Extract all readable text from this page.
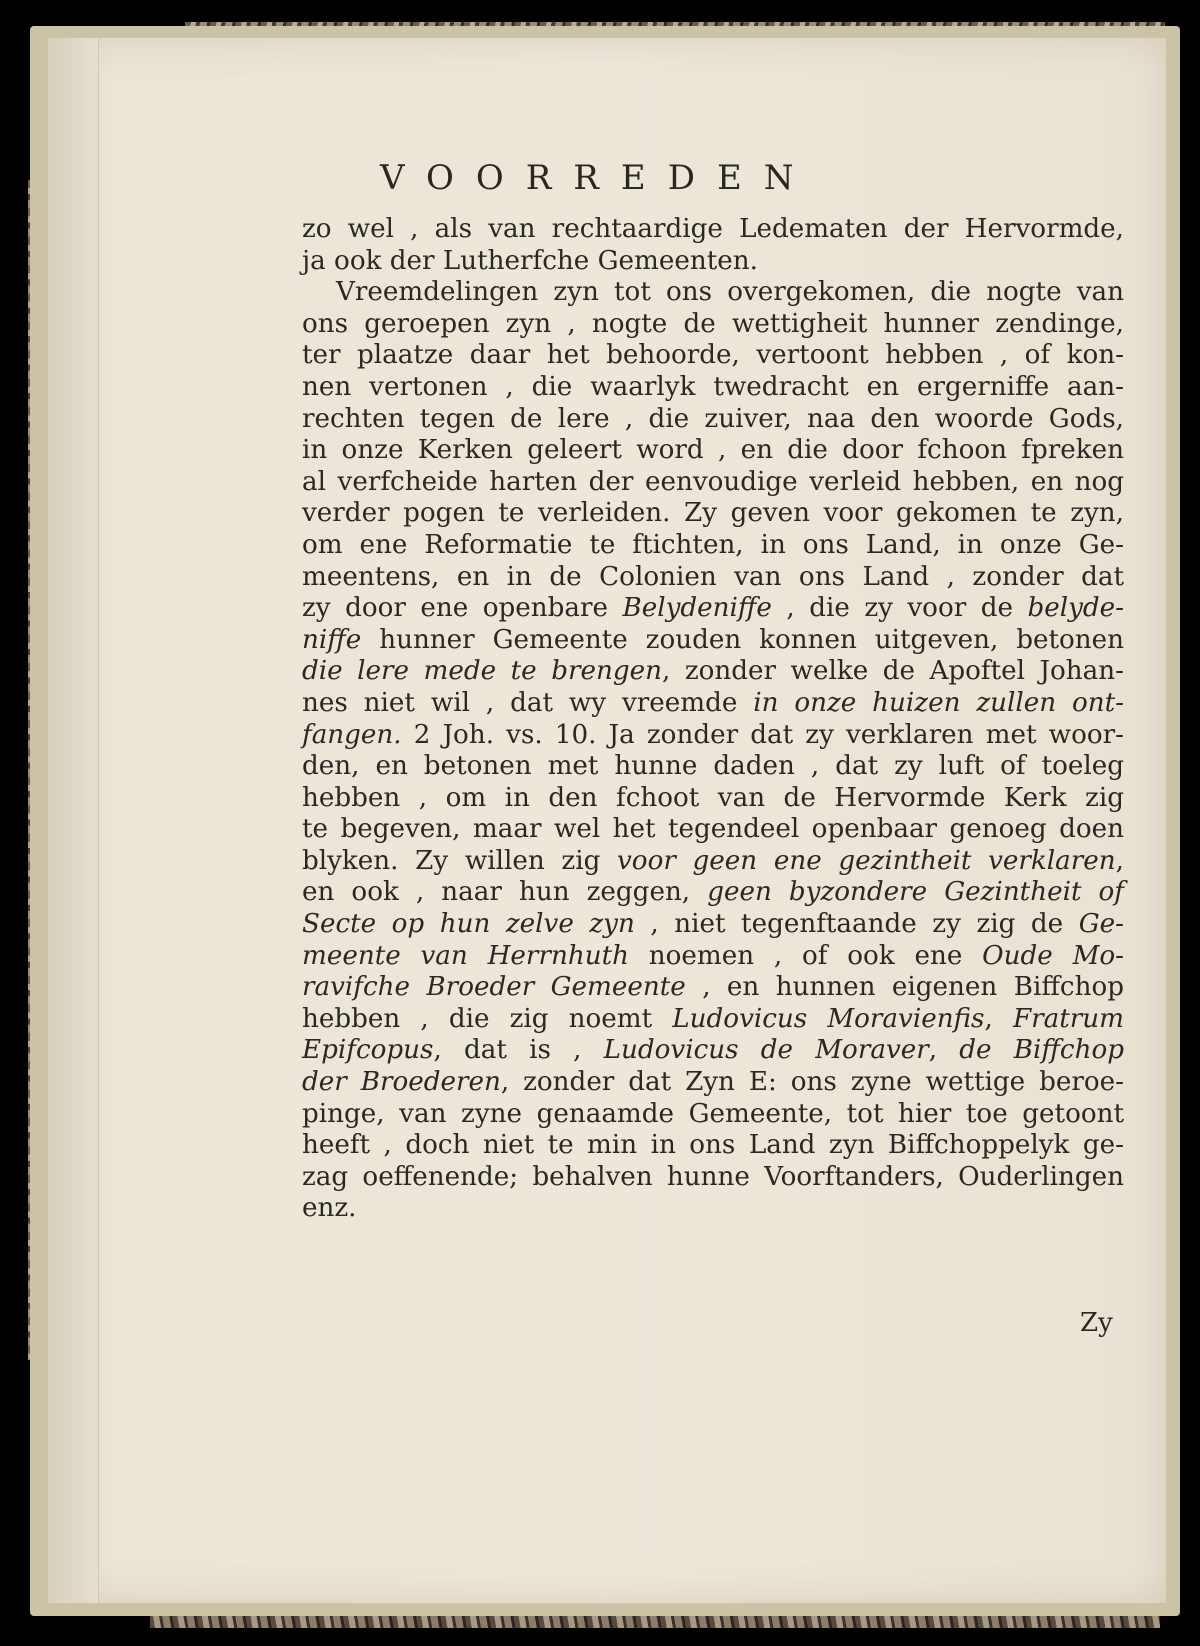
VOORREDEN
zo wel , als van rechtaardige Ledematen der Hervormde,
ja ook der Lutherfche Gemeenten.
Vreemdelingen zyn tot ons overgekomen, die nogte van
ons geroepen zyn , nogte de wettigheit hunner zendinge,
ter plaatze daar het behoorde, vertoont hebben , of kon-
nen vertonen , die waarlyk twedracht en ergerniffe aan-
rechten tegen de lere , die zuiver, naa den woorde Gods,
in onze Kerken geleert word , en die door fchoon fpreken
al verfcheide harten der eenvoudige verleid hebben, en nog
verder pogen te verleiden. Zy geven voor gekomen te zyn,
om ene Reformatie te ftichten, in ons Land, in onze Ge-
meentens, en in de Colonien van ons Land , zonder dat
zy door ene openbare Belydeniffe , die zy voor de belyde-
niffe hunner Gemeente zouden konnen uitgeven, betonen
die lere mede te brengen, zonder welke de Apoftel Johan-
nes niet wil , dat wy vreemde in onze huizen zullen ont-
fangen. 2 Joh. vs. 10. Ja zonder dat zy verklaren met woor-
den, en betonen met hunne daden , dat zy luft of toeleg
hebben , om in den fchoot van de Hervormde Kerk zig
te begeven, maar wel het tegendeel openbaar genoeg doen
blyken. Zy willen zig voor geen ene gezintheit verklaren,
en ook , naar hun zeggen, geen byzondere Gezintheit of
Secte op hun zelve zyn , niet tegenftaande zy zig de Ge-
meente van Herrnhuth noemen , of ook ene Oude Mo-
ravifche Broeder Gemeente , en hunnen eigenen Biffchop
hebben , die zig noemt Ludovicus Moravienfis, Fratrum
Epifcopus, dat is , Ludovicus de Moraver, de Biffchop
der Broederen, zonder dat Zyn E: ons zyne wettige beroe-
pinge, van zyne genaamde Gemeente, tot hier toe getoont
heeft , doch niet te min in ons Land zyn Biffchoppelyk ge-
zag oeffenende; behalven hunne Voorftanders, Ouderlingen
enz.
Zy
